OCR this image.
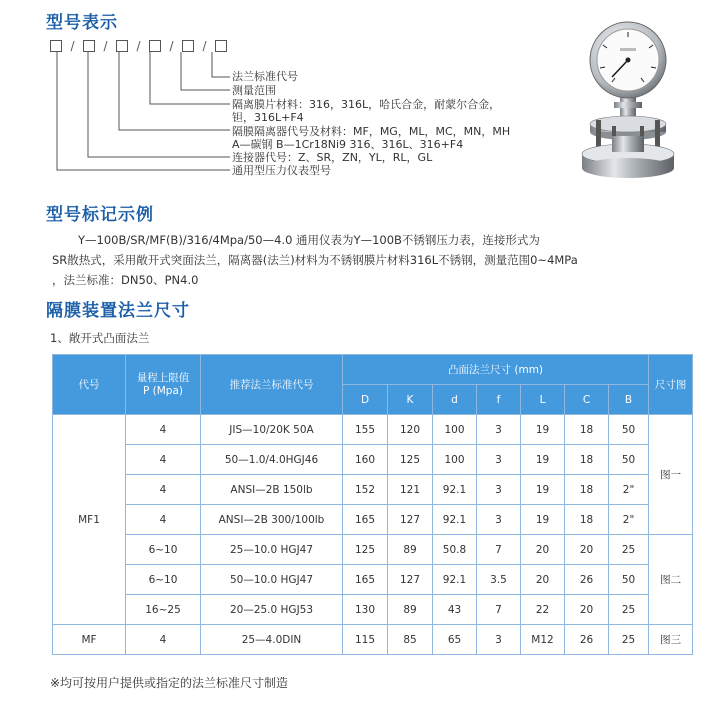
型号表示
/	/	/	/	/
法兰标准代号
测量范围
隔离膜片材料：316，316L，哈氏合金，耐蒙尔合金，
钽，316L+F4
隔膜隔离器代号及材料：MF，MG，ML，MC，MN，MH
A—碳钢 B—1Cr18Ni9 316、316L、316+F4
连接器代号：Z、SR，ZN，YL，RL，GL
通用型压力仪表型号
型号标记示例
Y—100B/SR/MF(B)/316/4Mpa/50—4.0 通用仪表为Y—100B不锈钢压力表，连接形式为
SR散热式，采用敞开式突面法兰，隔离器(法兰)材料为不锈钢膜片材料316L不锈钢，测量范围0~4MPa
，法兰标准：DN50、PN4.0
隔膜装置法兰尺寸
1、敞开式凸面法兰
代号	量程上限值P (Mpa)	推荐法兰标准代号	凸面法兰尺寸 (mm)							尺寸图
			D	K	d	f	L	C	B	
MF1	4	JIS—10/20K 50A	155	120	100	3	19	18	50	图一
	4	50—1.0/4.0HGJ46	160	125	100	3	19	18	50	
	4	ANSI—2B 150lb	152	121	92.1	3	19	18	2"	
	4	ANSI—2B 300/100lb	165	127	92.1	3	19	18	2"	
	6~10	25—10.0 HGJ47	125	89	50.8	7	20	20	25	图二
	6~10	50—10.0 HGJ47	165	127	92.1	3.5	20	26	50	
	16~25	20—25.0 HGJ53	130	89	43	7	22	20	25	
MF	4	25—4.0DIN	115	85	65	3	M12	26	25	图三
※均可按用户提供或指定的法兰标准尺寸制造
